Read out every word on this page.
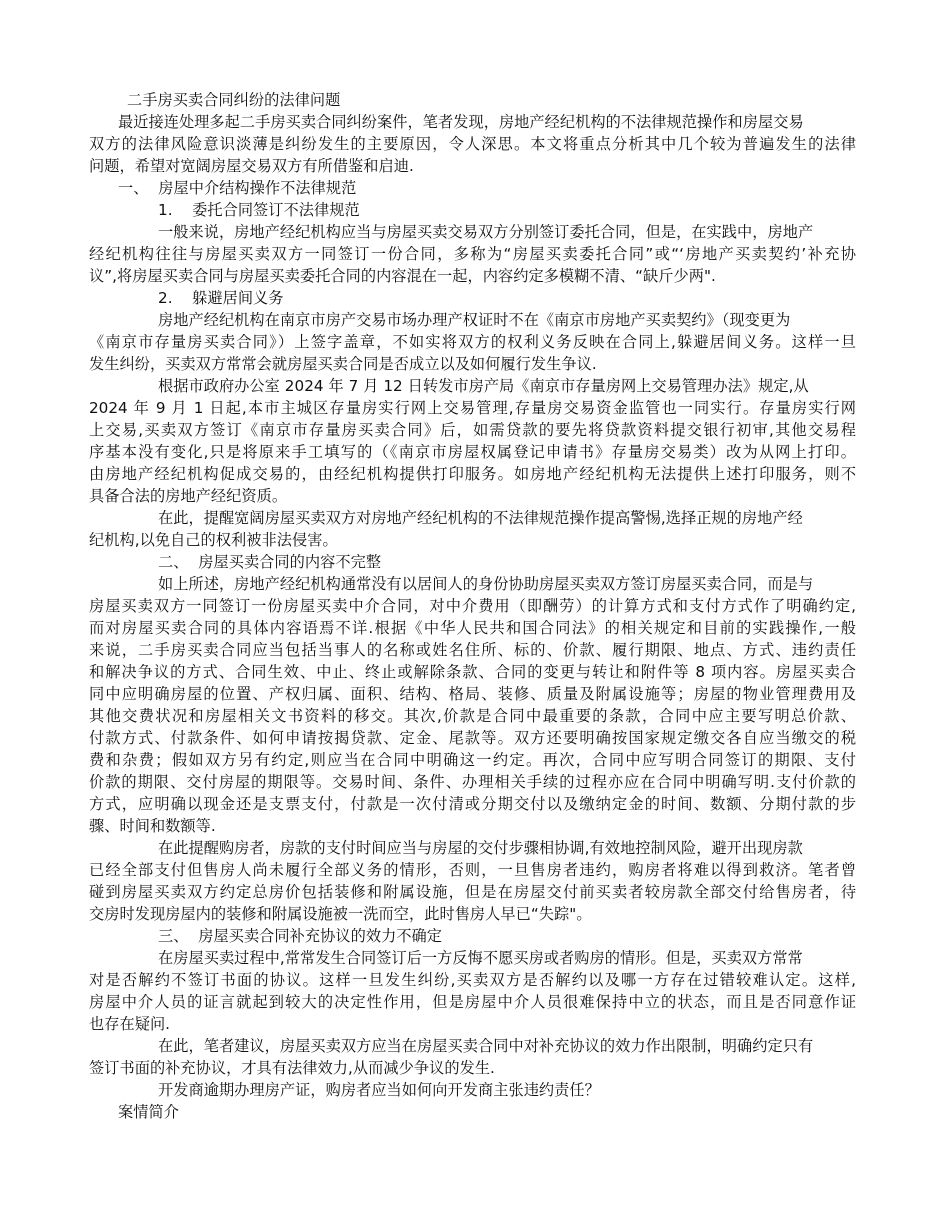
二手房买卖合同纠纷的法律问题
最近接连处理多起二手房买卖合同纠纷案件，笔者发现，房地产经纪机构的不法律规范操作和房屋交易
双方的法律风险意识淡薄是纠纷发生的主要原因，令人深思。本文将重点分析其中几个较为普遍发生的法律
问题，希望对宽阔房屋交易双方有所借鉴和启迪.
一、  房屋中介结构操作不法律规范
1.    委托合同签订不法律规范
一般来说，房地产经纪机构应当与房屋买卖交易双方分别签订委托合同，但是，在实践中，房地产
经纪机构往往与房屋买卖双方一同签订一份合同，多称为“房屋买卖委托合同”或“‘房地产买卖契约’补充协
议”,将房屋买卖合同与房屋买卖委托合同的内容混在一起，内容约定多模糊不清、“缺斤少两".
2.    躲避居间义务
房地产经纪机构在南京市房产交易市场办理产权证时不在《南京市房地产买卖契约》（现变更为
《南京市存量房买卖合同》）上签字盖章，不如实将双方的权利义务反映在合同上,躲避居间义务。这样一旦
发生纠纷，买卖双方常常会就房屋买卖合同是否成立以及如何履行发生争议.
根据市政府办公室 2024 年 7 月 12 日转发市房产局《南京市存量房网上交易管理办法》规定,从
2024 年 9 月 1 日起,本市主城区存量房实行网上交易管理,存量房交易资金监管也一同实行。存量房实行网
上交易,买卖双方签订《南京市存量房买卖合同》后，如需贷款的要先将贷款资料提交银行初审,其他交易程
序基本没有变化,只是将原来手工填写的（《南京市房屋权属登记申请书》存量房交易类）改为从网上打印。
由房地产经纪机构促成交易的，由经纪机构提供打印服务。如房地产经纪机构无法提供上述打印服务，则不
具备合法的房地产经纪资质。
在此，提醒宽阔房屋买卖双方对房地产经纪机构的不法律规范操作提高警惕,选择正规的房地产经
纪机构,以免自己的权利被非法侵害。
二、  房屋买卖合同的内容不完整
如上所述，房地产经纪机构通常没有以居间人的身份协助房屋买卖双方签订房屋买卖合同，而是与
房屋买卖双方一同签订一份房屋买卖中介合同，对中介费用（即酬劳）的计算方式和支付方式作了明确约定,
而对房屋买卖合同的具体内容语焉不详.根据《中华人民共和国合同法》的相关规定和目前的实践操作,一般
来说，二手房买卖合同应当包括当事人的名称或姓名住所、标的、价款、履行期限、地点、方式、违约责任
和解决争议的方式、合同生效、中止、终止或解除条款、合同的变更与转让和附件等 8 项内容。房屋买卖合
同中应明确房屋的位置、产权归属、面积、结构、格局、装修、质量及附属设施等；房屋的物业管理费用及
其他交费状况和房屋相关文书资料的移交。其次,价款是合同中最重要的条款，合同中应主要写明总价款、
付款方式、付款条件、如何申请按揭贷款、定金、尾款等。双方还要明确按国家规定缴交各自应当缴交的税
费和杂费；假如双方另有约定,则应当在合同中明确这一约定。再次，合同中应写明合同签订的期限、支付
价款的期限、交付房屋的期限等。交易时间、条件、办理相关手续的过程亦应在合同中明确写明.支付价款的
方式，应明确以现金还是支票支付，付款是一次付清或分期交付以及缴纳定金的时间、数额、分期付款的步
骤、时间和数额等.
在此提醒购房者，房款的支付时间应当与房屋的交付步骤相协调,有效地控制风险，避开出现房款
已经全部支付但售房人尚未履行全部义务的情形，否则，一旦售房者违约，购房者将难以得到救济。笔者曾
碰到房屋买卖双方约定总房价包括装修和附属设施，但是在房屋交付前买卖者较房款全部交付给售房者，待
交房时发现房屋内的装修和附属设施被一洗而空，此时售房人早已“失踪"。
三、  房屋买卖合同补充协议的效力不确定
在房屋买卖过程中,常常发生合同签订后一方反悔不愿买房或者购房的情形。但是，买卖双方常常
对是否解约不签订书面的协议。这样一旦发生纠纷,买卖双方是否解约以及哪一方存在过错较难认定。这样,
房屋中介人员的证言就起到较大的决定性作用，但是房屋中介人员很难保持中立的状态，而且是否同意作证
也存在疑问.
在此，笔者建议，房屋买卖双方应当在房屋买卖合同中对补充协议的效力作出限制，明确约定只有
签订书面的补充协议，才具有法律效力,从而减少争议的发生.
开发商逾期办理房产证，购房者应当如何向开发商主张违约责任？
案情简介
